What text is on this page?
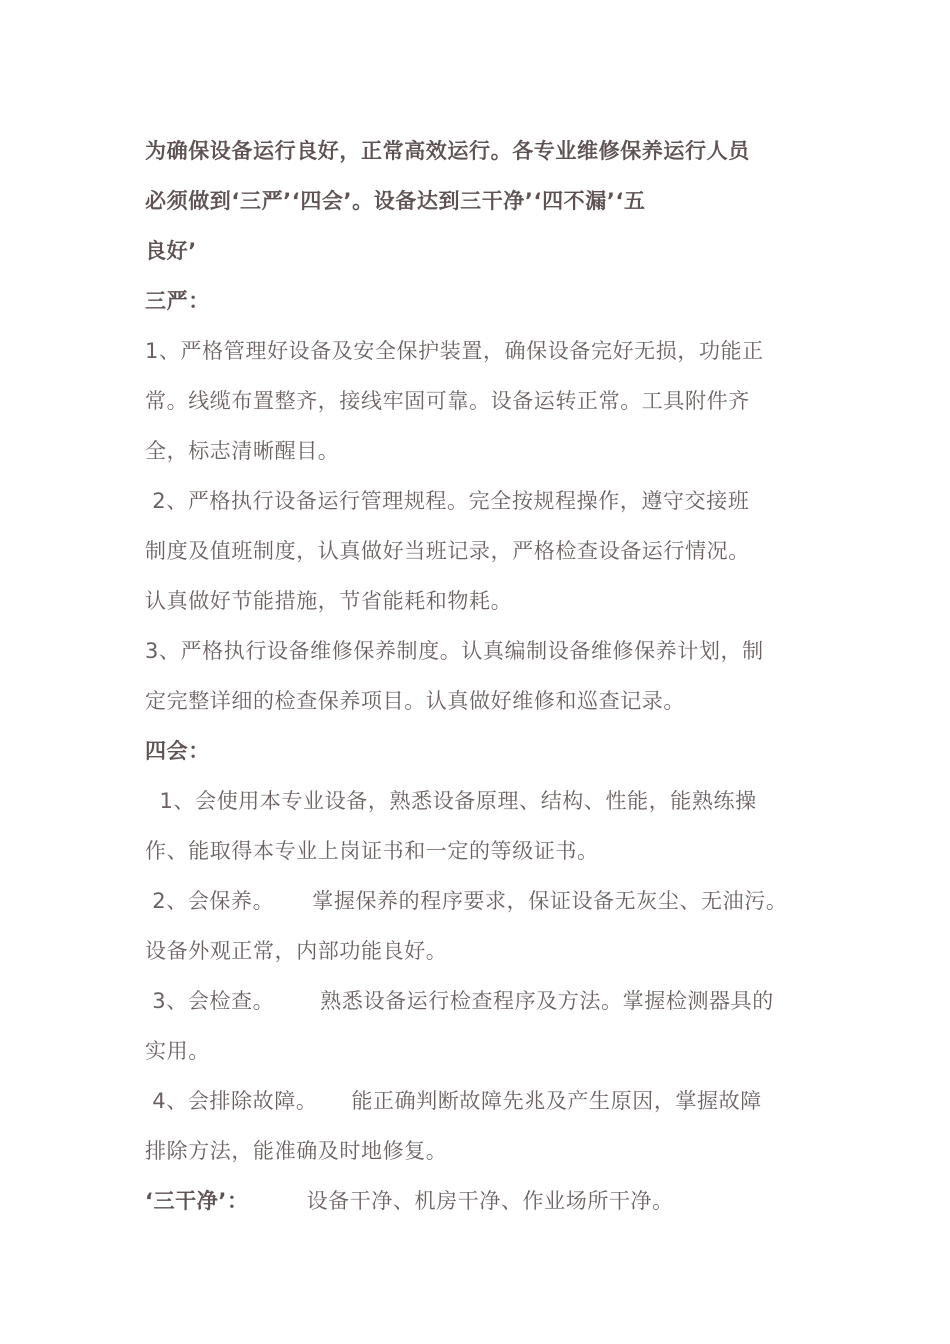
为确保设备运行良好，正常高效运行。各专业维修保养运行人员
必须做到‘三严’‘四会’。设备达到三干净’‘四不漏’‘五
良好’
三严：
1、严格管理好设备及安全保护装置，确保设备完好无损，功能正
常。线缆布置整齐，接线牢固可靠。设备运转正常。工具附件齐
全，标志清晰醒目。
2、严格执行设备运行管理规程。完全按规程操作，遵守交接班
制度及值班制度，认真做好当班记录，严格检查设备运行情况。
认真做好节能措施，节省能耗和物耗。
3、严格执行设备维修保养制度。认真编制设备维修保养计划，制
定完整详细的检查保养项目。认真做好维修和巡查记录。
四会：
1、会使用本专业设备，熟悉设备原理、结构、性能，能熟练操
作、能取得本专业上岗证书和一定的等级证书。
2、会保养。 掌握保养的程序要求，保证设备无灰尘、无油污。
设备外观正常，内部功能良好。
3、会检查。 熟悉设备运行检查程序及方法。掌握检测器具的
实用。
4、会排除故障。 能正确判断故障先兆及产生原因，掌握故障
排除方法，能准确及时地修复。
‘三干净’：	设备干净、机房干净、作业场所干净。
